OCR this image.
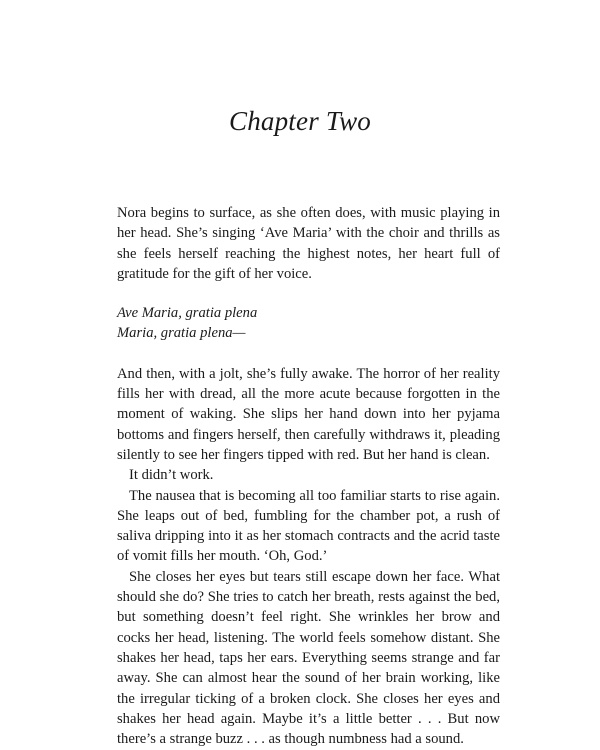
Chapter Two

Nora begins to surface, as she often does, with music playing in her head. She’s singing ‘Ave Maria’ with the choir and thrills as she feels herself reaching the highest notes, her heart full of gratitude for the gift of her voice.

Ave Maria, gratia plena
Maria, gratia plena—

And then, with a jolt, she’s fully awake. The horror of her reality fills her with dread, all the more acute because forgotten in the moment of waking. She slips her hand down into her pyjama bottoms and fingers herself, then carefully withdraws it, pleading silently to see her fingers tipped with red. But her hand is clean.

It didn’t work.

The nausea that is becoming all too familiar starts to rise again. She leaps out of bed, fumbling for the chamber pot, a rush of saliva dripping into it as her stomach contracts and the acrid taste of vomit fills her mouth. ‘Oh, God.’

She closes her eyes but tears still escape down her face. What should she do? She tries to catch her breath, rests against the bed, but something doesn’t feel right. She wrinkles her brow and cocks her head, listening. The world feels somehow distant. She shakes her head, taps her ears. Everything seems strange and far away. She can almost hear the sound of her brain working, like the irregular ticking of a broken clock. She closes her eyes and shakes her head again. Maybe it’s a little better . . . But now there’s a strange buzz . . . as though numbness had a sound.
